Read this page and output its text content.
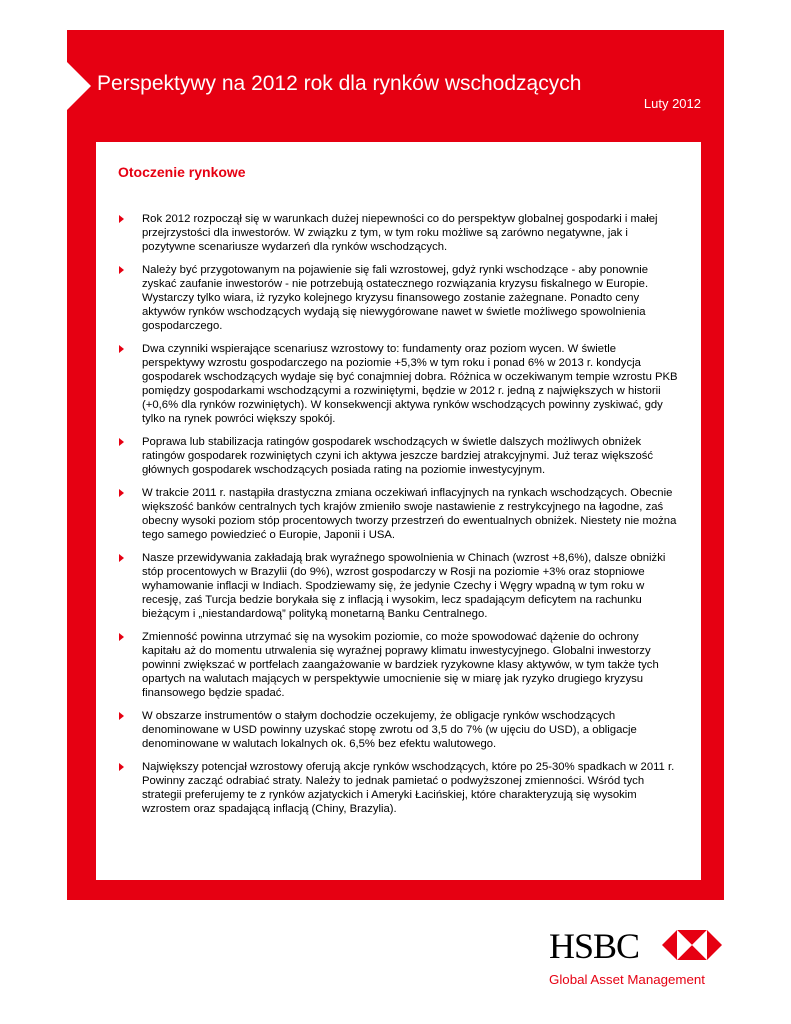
Perspektywy na 2012 rok dla rynków wschodzących

Luty 2012

Otoczenie rynkowe
Rok 2012 rozpoczął się w warunkach dużej niepewności co do perspektyw globalnej gospodarki i małej przejrzystości dla inwestorów. W związku z tym, w tym roku możliwe są zarówno negatywne, jak i pozytywne scenariusze wydarzeń dla rynków wschodzących.
Należy być przygotowanym na pojawienie się fali wzrostowej, gdyż rynki wschodzące - aby ponownie zyskać zaufanie inwestorów - nie potrzebują ostatecznego rozwiązania kryzysu fiskalnego w Europie. Wystarczy tylko wiara, iż ryzyko kolejnego kryzysu finansowego zostanie zażegnane. Ponadto ceny aktywów rynków wschodzących wydają się niewygórowane nawet w świetle możliwego spowolnienia gospodarczego.
Dwa czynniki wspierające scenariusz wzrostowy to: fundamenty oraz poziom wycen. W świetle perspektywy wzrostu gospodarczego na poziomie +5,3% w tym roku i ponad 6% w 2013 r. kondycja gospodarek wschodzących wydaje się być conajmniej dobra. Różnica w oczekiwanym tempie wzrostu PKB pomiędzy gospodarkami wschodzącymi a rozwiniętymi, będzie w 2012 r. jedną z największych w historii (+0,6% dla rynków rozwiniętych). W konsekwencji aktywa rynków wschodzących powinny zyskiwać, gdy tylko na rynek powróci większy spokój.
Poprawa lub stabilizacja ratingów gospodarek wschodzących w świetle dalszych możliwych obniżek ratingów gospodarek rozwiniętych czyni ich aktywa jeszcze bardziej atrakcyjnymi. Już teraz większość głównych gospodarek wschodzących posiada rating na poziomie inwestycyjnym.
W trakcie 2011 r. nastąpiła drastyczna zmiana oczekiwań inflacyjnych na rynkach wschodzących. Obecnie większość banków centralnych tych krajów zmieniło swoje nastawienie z restrykcyjnego na łagodne, zaś obecny wysoki poziom stóp procentowych tworzy przestrzeń do ewentualnych obniżek. Niestety nie można tego samego powiedzieć o Europie, Japonii i USA.
Nasze przewidywania zakładają brak wyraźnego spowolnienia w Chinach (wzrost +8,6%), dalsze obniżki stóp procentowych w Brazylii (do 9%), wzrost gospodarczy w Rosji na poziomie +3% oraz stopniowe wyhamowanie inflacji w Indiach. Spodziewamy się, że jedynie Czechy i Węgry wpadną w tym roku w recesję, zaś Turcja bedzie borykała się z inflacją i wysokim, lecz spadającym deficytem na rachunku bieżącym i „niestandardową” polityką monetarną Banku Centralnego.
Zmienność powinna utrzymać się na wysokim poziomie, co może spowodować dążenie do ochrony kapitału aż do momentu utrwalenia się wyraźnej poprawy klimatu inwestycyjnego. Globalni inwestorzy powinni zwiększać w portfelach zaangażowanie w bardziek ryzykowne klasy aktywów, w tym także tych opartych na walutach mających w perspektywie umocnienie się w miarę jak ryzyko drugiego kryzysu finansowego będzie spadać.
W obszarze instrumentów o stałym dochodzie oczekujemy, że obligacje rynków wschodzących denominowane w USD powinny uzyskać stopę zwrotu od 3,5 do 7% (w ujęciu do USD), a obligacje denominowane w walutach lokalnych ok. 6,5% bez efektu walutowego.
Największy potencjał wzrostowy oferują akcje rynków wschodzących, które po 25-30% spadkach w 2011 r. Powinny zacząć odrabiać straty. Należy to jednak pamietać o podwyższonej zmienności. Wśród tych strategii preferujemy te z rynków azjatyckich i Ameryki Łacińskiej, które charakteryzują się wysokim wzrostem oraz spadającą inflacją (Chiny, Brazylia).

HSBC

Global Asset Management
